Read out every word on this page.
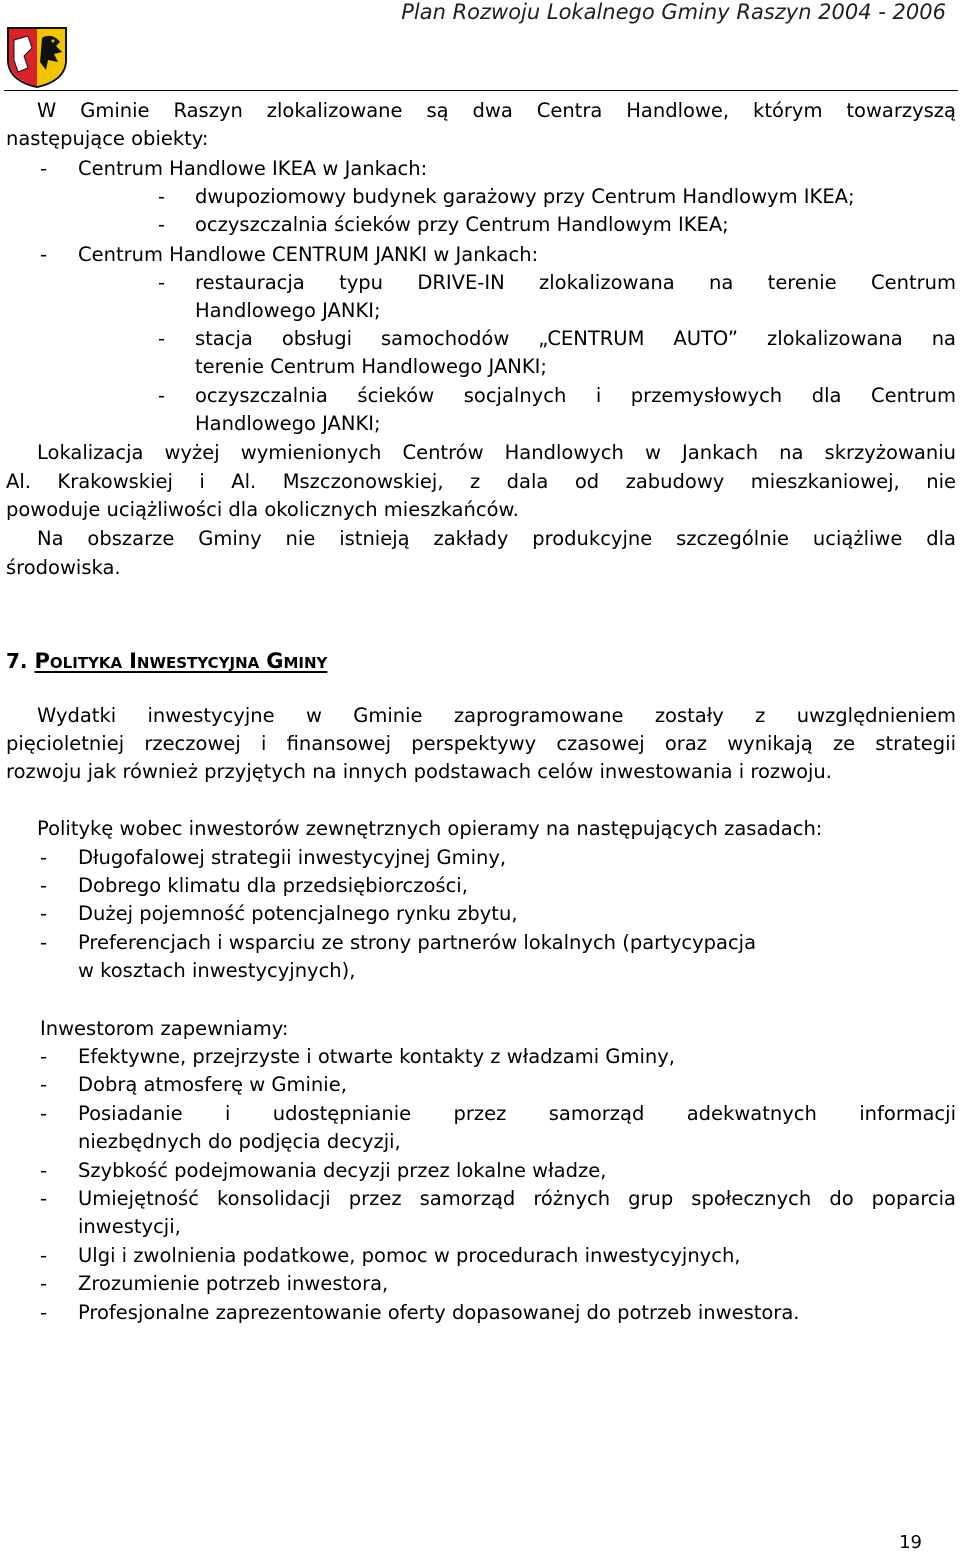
Plan Rozwoju Lokalnego Gminy Raszyn 2004 - 2006
W Gminie Raszyn zlokalizowane są dwa Centra Handlowe, którym towarzyszą
następujące obiekty:
- Centrum Handlowe IKEA w Jankach:
- dwupoziomowy budynek garażowy przy Centrum Handlowym IKEA;
- oczyszczalnia ścieków przy Centrum Handlowym IKEA;
- Centrum Handlowe CENTRUM JANKI w Jankach:
- restauracja typu DRIVE-IN zlokalizowana na terenie Centrum
Handlowego JANKI;
- stacja obsługi samochodów „CENTRUM AUTO” zlokalizowana na
terenie Centrum Handlowego JANKI;
- oczyszczalnia ścieków socjalnych i przemysłowych dla Centrum
Handlowego JANKI;
Lokalizacja wyżej wymienionych Centrów Handlowych w Jankach na skrzyżowaniu
Al. Krakowskiej i Al. Mszczonowskiej, z dala od zabudowy mieszkaniowej, nie
powoduje uciążliwości dla okolicznych mieszkańców.
Na obszarze Gminy nie istnieją zakłady produkcyjne szczególnie uciążliwe dla
środowiska.
7. POLITYKA INWESTYCYJNA GMINY
Wydatki inwestycyjne w Gminie zaprogramowane zostały z uwzględnieniem
pięcioletniej rzeczowej i finansowej perspektywy czasowej oraz wynikają ze strategii
rozwoju jak również przyjętych na innych podstawach celów inwestowania i rozwoju.
Politykę wobec inwestorów zewnętrznych opieramy na następujących zasadach:
- Długofalowej strategii inwestycyjnej Gminy,
- Dobrego klimatu dla przedsiębiorczości,
- Dużej pojemność potencjalnego rynku zbytu,
- Preferencjach i wsparciu ze strony partnerów lokalnych (partycypacja
w kosztach inwestycyjnych),
Inwestorom zapewniamy:
- Efektywne, przejrzyste i otwarte kontakty z władzami Gminy,
- Dobrą atmosferę w Gminie,
- Posiadanie i udostępnianie przez samorząd adekwatnych informacji
niezbędnych do podjęcia decyzji,
- Szybkość podejmowania decyzji przez lokalne władze,
- Umiejętność konsolidacji przez samorząd różnych grup społecznych do poparcia
inwestycji,
- Ulgi i zwolnienia podatkowe, pomoc w procedurach inwestycyjnych,
- Zrozumienie potrzeb inwestora,
- Profesjonalne zaprezentowanie oferty dopasowanej do potrzeb inwestora.
19
